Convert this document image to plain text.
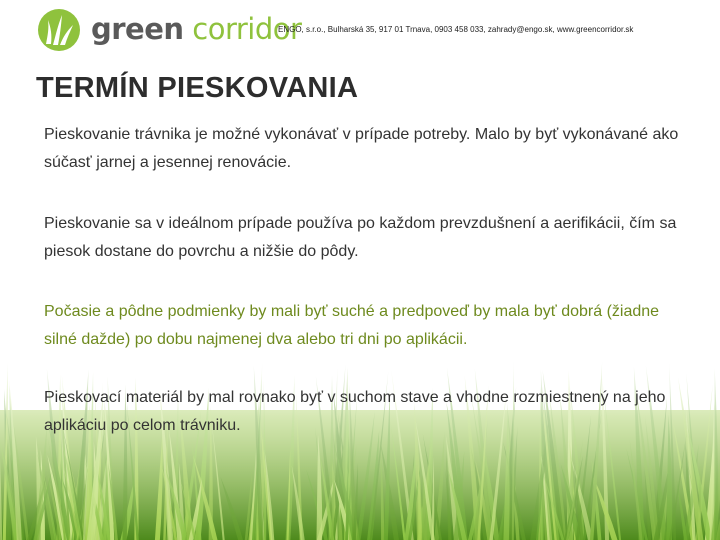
green corridor
ENGO, s.r.o., Bulharská 35, 917 01 Trnava, 0903 458 033, zahrady@engo.sk, www.greencorridor.sk
TERMÍN PIESKOVANIA

Pieskovanie trávnika je možné vykonávať v prípade potreby. Malo by byť vykonávané ako súčasť jarnej a jesennej renovácie.

Pieskovanie sa v ideálnom prípade používa po každom prevzdušnení a aerifikácii, čím sa piesok dostane do povrchu a nižšie do pôdy.

Počasie a pôdne podmienky by mali byť suché a predpoveď by mala byť dobrá (žiadne silné dažde) po dobu najmenej dva alebo tri dni po aplikácii.

Pieskovací materiál by mal rovnako byť v suchom stave a vhodne rozmiestnený na jeho aplikáciu po celom trávniku.
